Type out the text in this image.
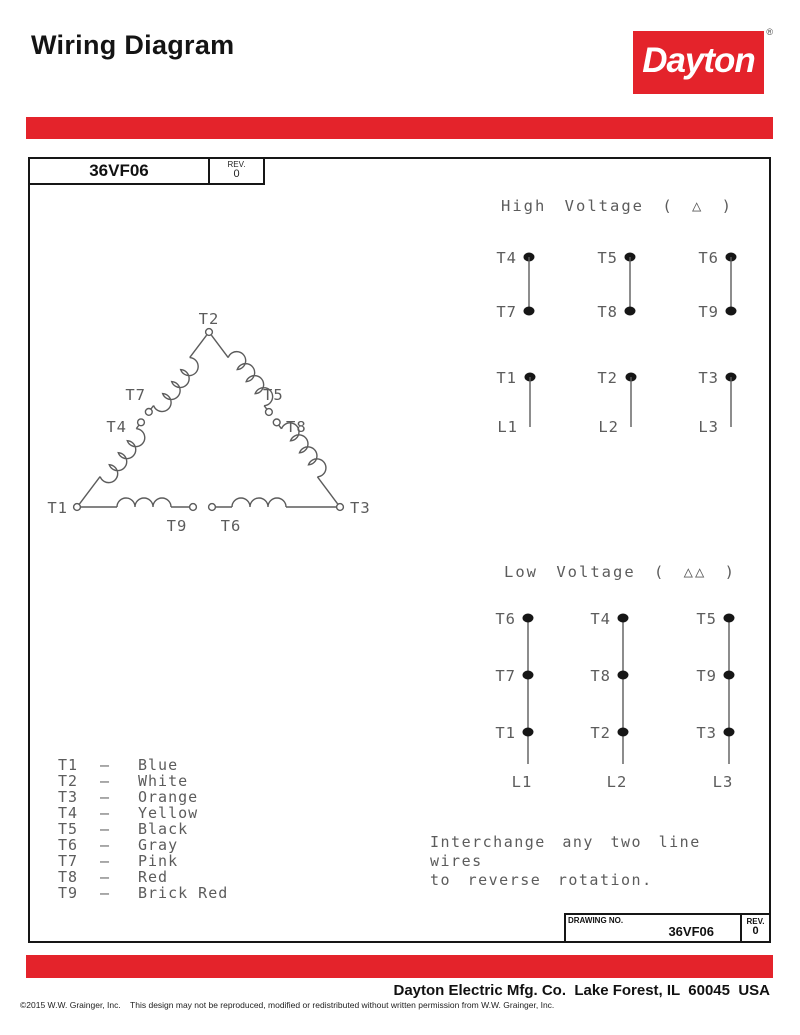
Wiring Diagram	Dayton
®
36VF06	REV.
0
High Voltage ( △ )
T4
T7
T5
T8
T6
T9
T1
L1
T2
L2
T3
L3
T2
T7	T5
T4	T8
T1	T3
T9 T6
Low Voltage ( △△ )
T6
T7
T1
L1
T4
T8
T2
L2
T5
T9
T3
L3
T1	—	Blue
T2	—	White
T3	—	Orange
T4	—	Yellow
T5	—	Black
T6	—	Gray
T7	—	Pink
T8	—	Red
T9	—	Brick Red
Interchange any two line wires
to reverse rotation.
DRAWING NO.
36VF06
REV.
0
Dayton Electric Mfg. Co.  Lake Forest, IL  60045  USA
©2015 W.W. Grainger, Inc.    This design may not be reproduced, modified or redistributed without written permission from W.W. Grainger, Inc.
